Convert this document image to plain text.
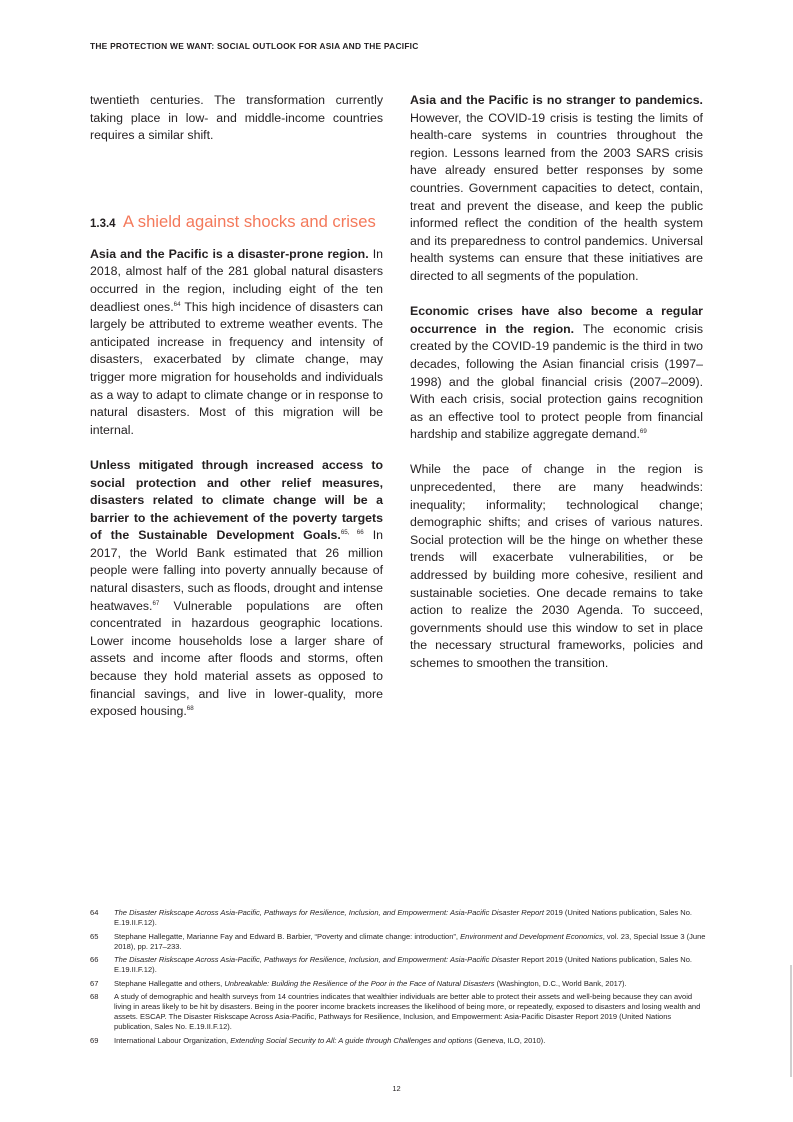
THE PROTECTION WE WANT: SOCIAL OUTLOOK FOR ASIA AND THE PACIFIC

twentieth centuries. The transformation currently taking place in low- and middle-income countries requires a similar shift.

1.3.4 A shield against shocks and crises

Asia and the Pacific is a disaster-prone region. In 2018, almost half of the 281 global natural disasters occurred in the region, including eight of the ten deadliest ones.$^{64}$ This high incidence of disasters can largely be attributed to extreme weather events. The anticipated increase in frequency and intensity of disasters, exacerbated by climate change, may trigger more migration for households and individuals as a way to adapt to climate change or in response to natural disasters. Most of this migration will be internal.

Unless mitigated through increased access to social protection and other relief measures, disasters related to climate change will be a barrier to the achievement of the poverty targets of the Sustainable Development Goals.$^{65, 66}$ In 2017, the World Bank estimated that 26 million people were falling into poverty annually because of natural disasters, such as floods, drought and intense heatwaves.$^{67}$ Vulnerable populations are often concentrated in hazardous geographic locations. Lower income households lose a larger share of assets and income after floods and storms, often because they hold material assets as opposed to financial savings, and live in lower-quality, more exposed housing.$^{68}$

Asia and the Pacific is no stranger to pandemics. However, the COVID-19 crisis is testing the limits of health-care systems in countries throughout the region. Lessons learned from the 2003 SARS crisis have already ensured better responses by some countries. Government capacities to detect, contain, treat and prevent the disease, and keep the public informed reflect the condition of the health system and its preparedness to control pandemics. Universal health systems can ensure that these initiatives are directed to all segments of the population.

Economic crises have also become a regular occurrence in the region. The economic crisis created by the COVID-19 pandemic is the third in two decades, following the Asian financial crisis (1997–1998) and the global financial crisis (2007–2009). With each crisis, social protection gains recognition as an effective tool to protect people from financial hardship and stabilize aggregate demand.$^{69}$

While the pace of change in the region is unprecedented, there are many headwinds: inequality; informality; technological change; demographic shifts; and crises of various natures. Social protection will be the hinge on whether these trends will exacerbate vulnerabilities, or be addressed by building more cohesive, resilient and sustainable societies. One decade remains to take action to realize the 2030 Agenda. To succeed, governments should use this window to set in place the necessary structural frameworks, policies and schemes to smoothen the transition.

64	The Disaster Riskscape Across Asia-Pacific, Pathways for Resilience, Inclusion, and Empowerment: Asia-Pacific Disaster Report 2019 (United Nations publication, Sales No. E.19.II.F.12).
65	Stephane Hallegatte, Marianne Fay and Edward B. Barbier, “Poverty and climate change: introduction”, Environment and Development Economics, vol. 23, Special Issue 3 (June 2018), pp. 217–233.
66	The Disaster Riskscape Across Asia-Pacific, Pathways for Resilience, Inclusion, and Empowerment: Asia-Pacific Disaster Report 2019 (United Nations publication, Sales No. E.19.II.F.12).
67	Stephane Hallegatte and others, Unbreakable: Building the Resilience of the Poor in the Face of Natural Disasters (Washington, D.C., World Bank, 2017).
68	A study of demographic and health surveys from 14 countries indicates that wealthier individuals are better able to protect their assets and well-being because they can avoid living in areas likely to be hit by disasters. Being in the poorer income brackets increases the likelihood of being more, or repeatedly, exposed to disasters and losing wealth and assets. ESCAP. The Disaster Riskscape Across Asia-Pacific, Pathways for Resilience, Inclusion, and Empowerment: Asia-Pacific Disaster Report 2019 (United Nations publication, Sales No. E.19.II.F.12).
69	International Labour Organization, Extending Social Security to All: A guide through Challenges and options (Geneva, ILO, 2010).
12
